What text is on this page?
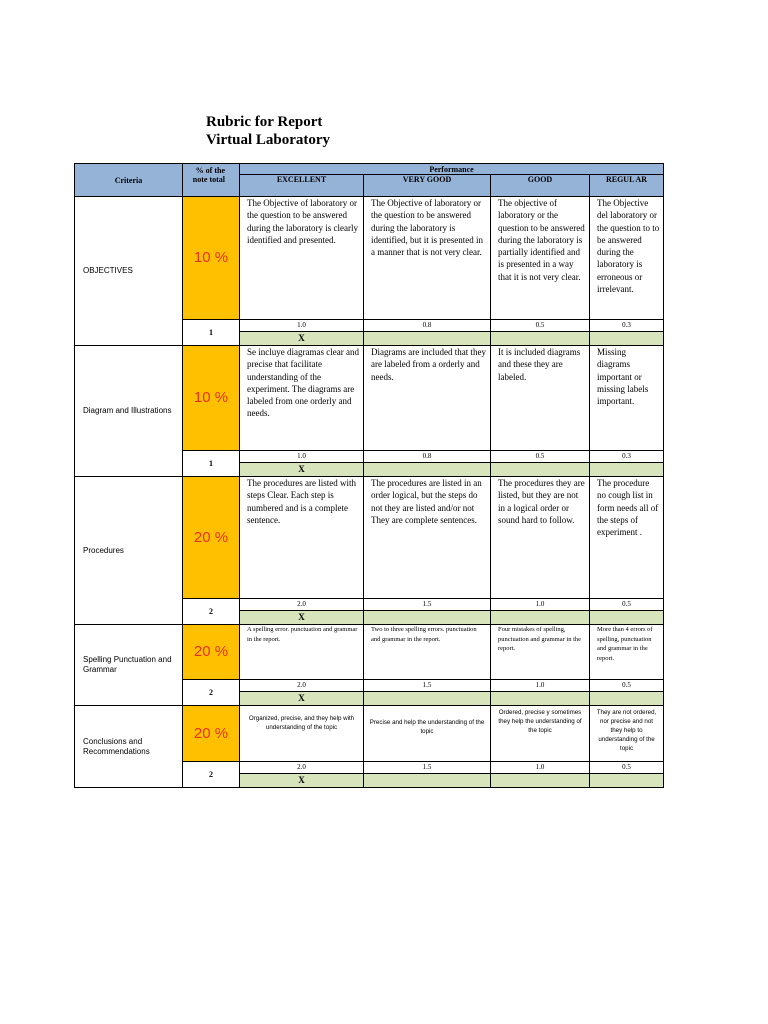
Rubric for Report
Virtual Laboratory
Criteria	% of the note total	Performance			
		EXCELLENT	VERY GOOD	GOOD	REGUL AR
OBJECTIVES	10 %	The Objective of laboratory or the question to be answered during the laboratory is clearly identified and presented.	The Objective of laboratory or the question to be answered during the laboratory is identified, but it is presented in a manner that is not very clear.	The objective of laboratory or the question to be answered during the laboratory is partially identified and is presented in a way that it is not very clear.	The Objective del laboratory or the question to to be answered during the laboratory is erroneous or irrelevant.
	1	1.0	0.8	0.5	0.3
		X			
Diagram and Illustrations	10 %	Se incluye diagramas clear and precise that facilitate understanding of the experiment. The diagrams are labeled from one orderly and needs.	Diagrams are included that they are labeled from a orderly and needs.	It is included diagrams and these they are labeled.	Missing diagrams important or missing labels important.
	1	1.0	0.8	0.5	0.3
		X			
Procedures	20 %	The procedures are listed with steps Clear. Each step is numbered and is a complete sentence.	The procedures are listed in an order logical, but the steps do not they are listed and/or not They are complete sentences.	The procedures they are listed, but they are not in a logical order or sound hard to follow.	The procedure no cough list in form needs all of the steps of experiment .
	2	2.0	1.5	1.0	0.5
		X			
Spelling Punctuation and Grammar	20 %	A spelling error. punctuation and grammar in the report.	Two to three spelling errors. punctuation and grammar in the report.	Four mistakes of spelling, punctuation and grammar in the report.	More than 4 errors of spelling, punctuation and grammar in the report.
	2	2.0	1.5	1.0	0.5
		X			
Conclusions and Recommendations	20 %	Organized, precise, and they help with understanding of the topic	Precise and help the understanding of the topic	Ordered, precise y sometimes they help the understanding of the topic	They are not ordered, nor precise and not they help to understanding of the topic
	2	2.0	1.5	1.0	0.5
		X			
